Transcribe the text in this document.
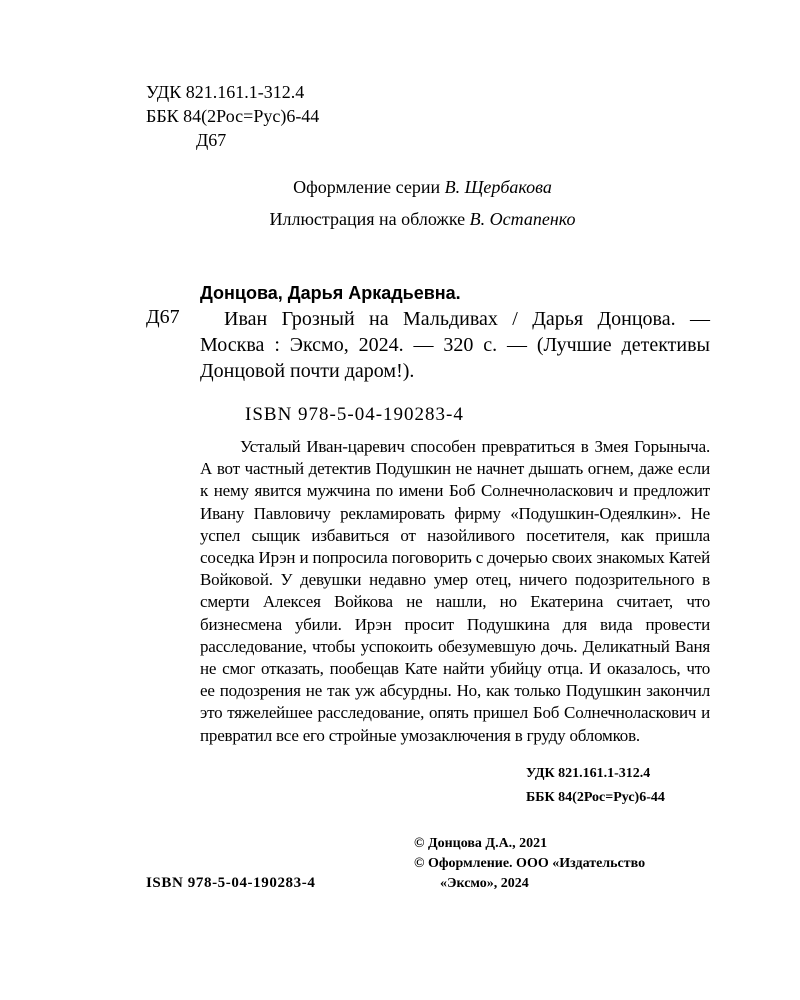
УДК 821.161.1-312.4
ББК 84(2Рос=Рус)6-44
Д67
Оформление серии В. Щербакова
Иллюстрация на обложке В. Остапенко
Д67
Донцова, Дарья Аркадьевна.

Иван Грозный на Мальдивах / Дарья Донцова. — Москва : Эксмо, 2024. — 320 с. — (Лучшие детективы Донцовой почти даром!).

ISBN 978-5-04-190283-4

Усталый Иван-царевич способен превратиться в Змея Горыныча. А вот частный детектив Подушкин не начнет дышать огнем, даже если к нему явится мужчина по имени Боб Солнечноласкович и предложит Ивану Павловичу рекламировать фирму «Подушкин-Одеялкин». Не успел сыщик избавиться от назойливого посетителя, как пришла соседка Ирэн и попросила поговорить с дочерью своих знакомых Катей Войковой. У девушки недавно умер отец, ничего подозрительного в смерти Алексея Войкова не нашли, но Екатерина считает, что бизнесмена убили. Ирэн просит Подушкина для вида провести расследование, чтобы успокоить обезумевшую дочь. Деликатный Ваня не смог отказать, пообещав Кате найти убийцу отца. И оказалось, что ее подозрения не так уж абсурдны. Но, как только Подушкин закончил это тяжелейшее расследование, опять пришел Боб Солнечноласкович и превратил все его стройные умозаключения в груду обломков.

УДК 821.161.1-312.4
ББК 84(2Рос=Рус)6-44
© Донцова Д.А., 2021
© Оформление. ООО «Издательство
«Эксмо», 2024
ISBN 978-5-04-190283-4
